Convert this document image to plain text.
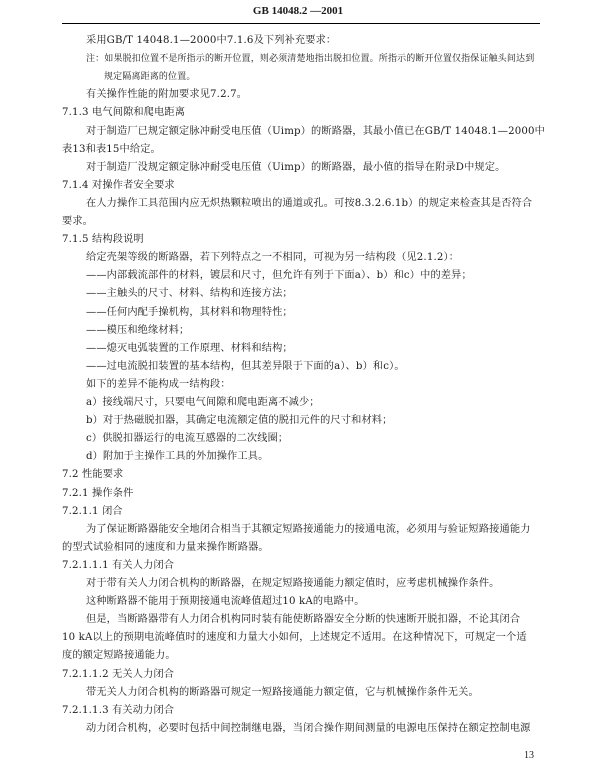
GB 14048.2 —2001
采用GB/T 14048.1—2000中7.1.6及下列补充要求：
注：如果脱扣位置不是所指示的断开位置，则必须清楚地指出脱扣位置。所指示的断开位置仅指保证触头间达到
规定隔离距离的位置。
有关操作性能的附加要求见7.2.7。
7.1.3 电气间隙和爬电距离
对于制造厂已规定额定脉冲耐受电压值（Uimp）的断路器，其最小值已在GB/T 14048.1—2000中
表13和表15中给定。
对于制造厂没规定额定脉冲耐受电压值（Uimp）的断路器，最小值的指导在附录D中规定。
7.1.4 对操作者安全要求
在人力操作工具范围内应无炽热颗粒喷出的通道或孔。可按8.3.2.6.1b）的规定来检查其是否符合
要求。
7.1.5 结构段说明
给定壳架等级的断路器，若下列特点之一不相同，可视为另一结构段（见2.1.2）：
——内部载流部件的材料，镀层和尺寸，但允许有列于下面a）、b）和c）中的差异；
——主触头的尺寸、材料、结构和连接方法；
——任何内配手操机构，其材料和物理特性；
——模压和绝缘材料；
——熄灭电弧装置的工作原理、材料和结构；
——过电流脱扣装置的基本结构，但其差异限于下面的a）、b）和c）。
如下的差异不能构成一结构段：
a）接线端尺寸，只要电气间隙和爬电距离不减少；
b）对于热磁脱扣器，其确定电流额定值的脱扣元件的尺寸和材料；
c）供脱扣器运行的电流互感器的二次线圈；
d）附加于主操作工具的外加操作工具。
7.2 性能要求
7.2.1 操作条件
7.2.1.1 闭合
为了保证断路器能安全地闭合相当于其额定短路接通能力的接通电流，必须用与验证短路接通能力
的型式试验相同的速度和力量来操作断路器。
7.2.1.1.1 有关人力闭合
对于带有关人力闭合机构的断路器，在规定短路接通能力额定值时，应考虑机械操作条件。
这种断路器不能用于预期接通电流峰值超过10 kA的电路中。
但是，当断路器带有人力闭合机构同时装有能使断路器安全分断的快速断开脱扣器，不论其闭合
10 kA以上的预期电流峰值时的速度和力量大小如何，上述规定不适用。在这种情况下，可规定一个适
度的额定短路接通能力。
7.2.1.1.2 无关人力闭合
13
带无关人力闭合机构的断路器可规定一短路接通能力额定值，它与机械操作条件无关。
7.2.1.1.3 有关动力闭合
动力闭合机构，必要时包括中间控制继电器，当闭合操作期间测量的电源电压保持在额定控制电源
